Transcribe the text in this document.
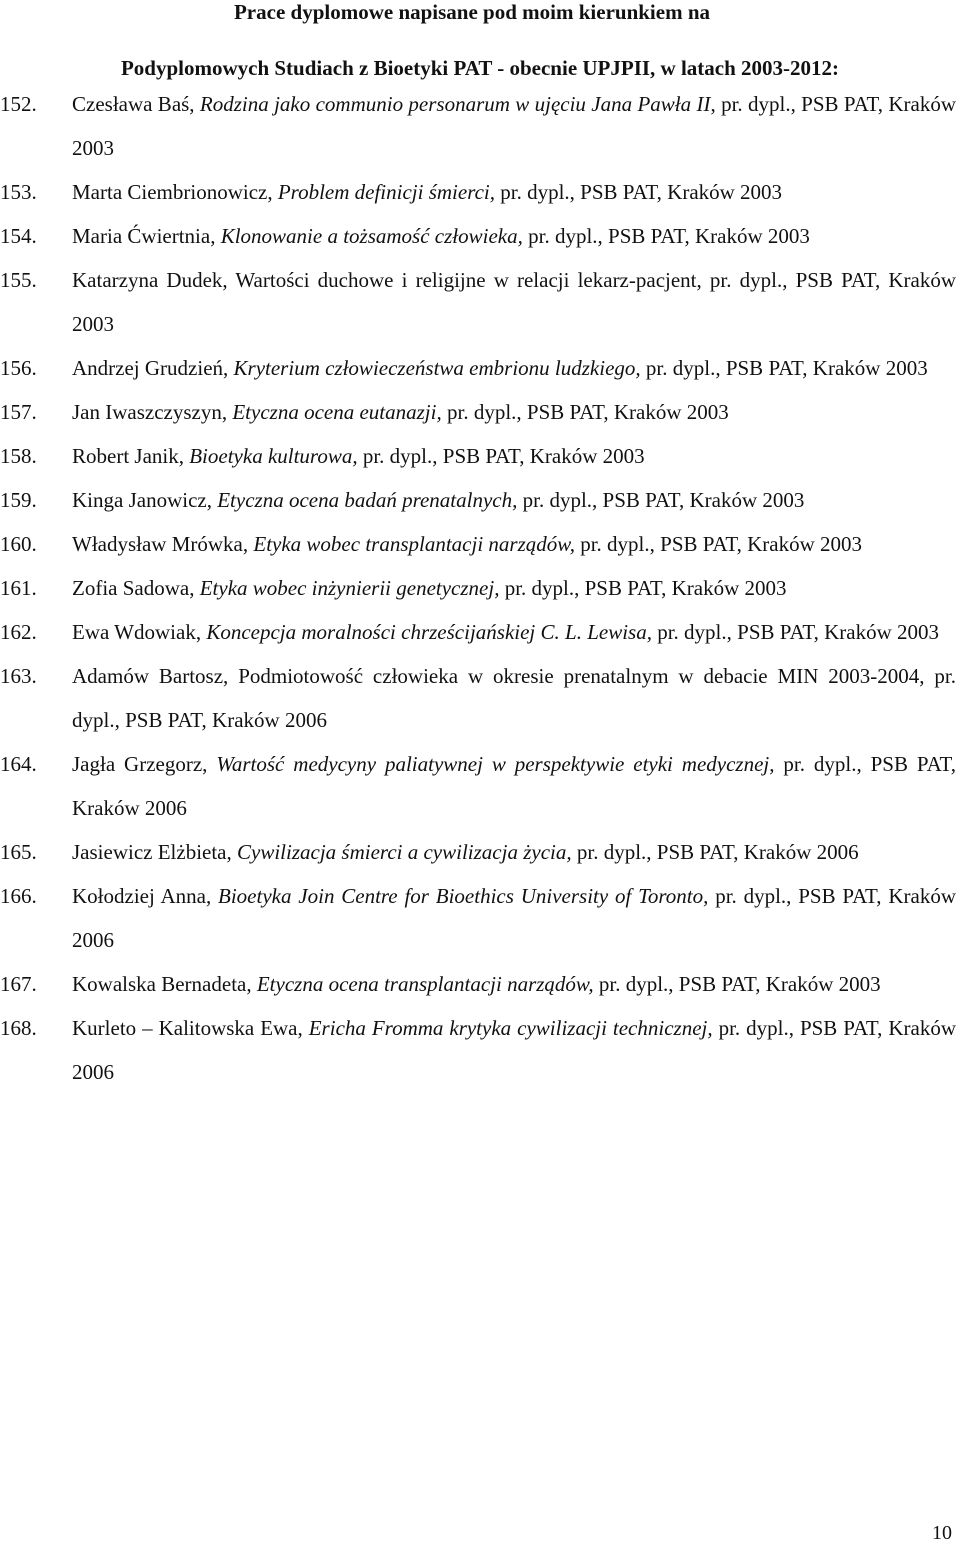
Prace dyplomowe napisane pod moim kierunkiem na
Podyplomowych Studiach z Bioetyki PAT - obecnie UPJPII, w latach 2003-2012:
152.	Czesława Baś, Rodzina jako communio personarum w ujęciu Jana Pawła II, pr. dypl., PSB PAT, Kraków 2003
153.	Marta Ciembrionowicz, Problem definicji śmierci, pr. dypl., PSB PAT, Kraków 2003
154.	Maria Ćwiertnia, Klonowanie a tożsamość człowieka, pr. dypl., PSB PAT, Kraków 2003
155.	Katarzyna Dudek, Wartości duchowe i religijne w relacji lekarz-pacjent, pr. dypl., PSB PAT, Kraków 2003
156.	Andrzej Grudzień, Kryterium człowieczeństwa embrionu ludzkiego, pr. dypl., PSB PAT, Kraków 2003
157.	Jan Iwaszczyszyn, Etyczna ocena eutanazji, pr. dypl., PSB PAT, Kraków 2003
158.	Robert Janik, Bioetyka kulturowa, pr. dypl., PSB PAT, Kraków 2003
159.	Kinga Janowicz, Etyczna ocena badań prenatalnych, pr. dypl., PSB PAT, Kraków 2003
160.	Władysław Mrówka, Etyka wobec transplantacji narządów, pr. dypl., PSB PAT, Kraków 2003
161.	Zofia Sadowa, Etyka wobec inżynierii genetycznej, pr. dypl., PSB PAT, Kraków 2003
162.	Ewa Wdowiak, Koncepcja moralności chrześcijańskiej C. L. Lewisa, pr. dypl., PSB PAT, Kraków 2003
163.	Adamów Bartosz, Podmiotowość człowieka w okresie prenatalnym w debacie MIN 2003-2004, pr. dypl., PSB PAT, Kraków 2006
164.	Jagła Grzegorz, Wartość medycyny paliatywnej w perspektywie etyki medycznej, pr. dypl., PSB PAT, Kraków 2006
165.	Jasiewicz Elżbieta, Cywilizacja śmierci a cywilizacja życia, pr. dypl., PSB PAT, Kraków 2006
166.	Kołodziej Anna, Bioetyka Join Centre for Bioethics University of Toronto, pr. dypl., PSB PAT, Kraków 2006
167.	Kowalska Bernadeta, Etyczna ocena transplantacji narządów, pr. dypl., PSB PAT, Kraków 2003
168.	Kurleto – Kalitowska Ewa, Ericha Fromma krytyka cywilizacji technicznej, pr. dypl., PSB PAT, Kraków 2006
10
